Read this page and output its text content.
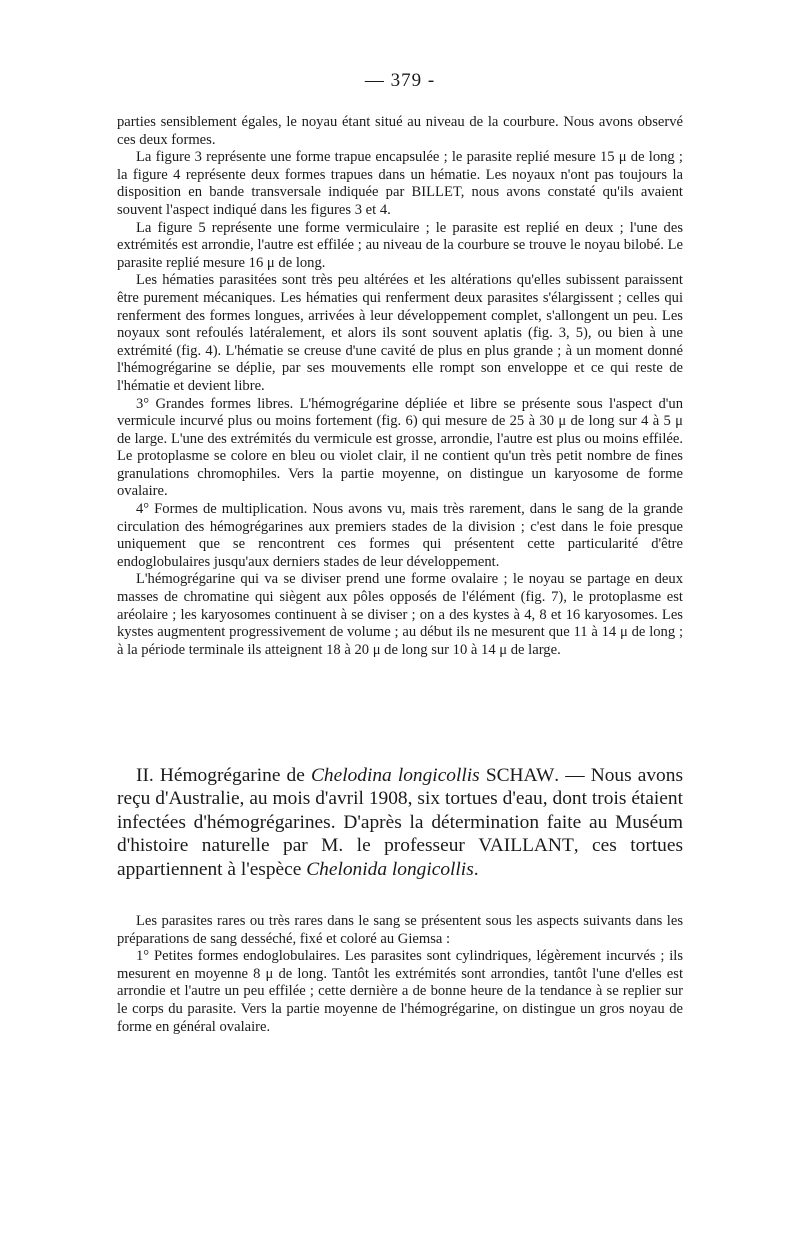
— 379 -

parties sensiblement égales, le noyau étant situé au niveau de la courbure. Nous avons observé ces deux formes.

La figure 3 représente une forme trapue encapsulée ; le parasite replié mesure 15 μ de long ; la figure 4 représente deux formes trapues dans un hématie. Les noyaux n'ont pas toujours la disposition en bande transversale indiquée par BILLET, nous avons constaté qu'ils avaient souvent l'aspect indiqué dans les figures 3 et 4.

La figure 5 représente une forme vermiculaire ; le parasite est replié en deux ; l'une des extrémités est arrondie, l'autre est effilée ; au niveau de la courbure se trouve le noyau bilobé. Le parasite replié mesure 16 μ de long.

Les hématies parasitées sont très peu altérées et les altérations qu'elles subissent paraissent être purement mécaniques. Les hématies qui renferment deux parasites s'élargissent ; celles qui renferment des formes longues, arrivées à leur développement complet, s'allongent un peu. Les noyaux sont refoulés latéralement, et alors ils sont souvent aplatis (fig. 3, 5), ou bien à une extrémité (fig. 4). L'hématie se creuse d'une cavité de plus en plus grande ; à un moment donné l'hémogrégarine se déplie, par ses mouvements elle rompt son enveloppe et ce qui reste de l'hématie et devient libre.

3° Grandes formes libres. L'hémogrégarine dépliée et libre se présente sous l'aspect d'un vermicule incurvé plus ou moins fortement (fig. 6) qui mesure de 25 à 30 μ de long sur 4 à 5 μ de large. L'une des extrémités du vermicule est grosse, arrondie, l'autre est plus ou moins effilée. Le protoplasme se colore en bleu ou violet clair, il ne contient qu'un très petit nombre de fines granulations chromophiles. Vers la partie moyenne, on distingue un karyosome de forme ovalaire.

4° Formes de multiplication. Nous avons vu, mais très rarement, dans le sang de la grande circulation des hémogrégarines aux premiers stades de la division ; c'est dans le foie presque uniquement que se rencontrent ces formes qui présentent cette particularité d'être endoglobulaires jusqu'aux derniers stades de leur développement.

L'hémogrégarine qui va se diviser prend une forme ovalaire ; le noyau se partage en deux masses de chromatine qui siègent aux pôles opposés de l'élément (fig. 7), le protoplasme est aréolaire ; les karyosomes continuent à se diviser ; on a des kystes à 4, 8 et 16 karyosomes. Les kystes augmentent progressivement de volume ; au début ils ne mesurent que 11 à 14 μ de long ; à la période terminale ils atteignent 18 à 20 μ de long sur 10 à 14 μ de large.

II. Hémogrégarine de Chelodina longicollis SCHAW. — Nous avons reçu d'Australie, au mois d'avril 1908, six tortues d'eau, dont trois étaient infectées d'hémogrégarines. D'après la détermination faite au Muséum d'histoire naturelle par M. le professeur VAILLANT, ces tortues appartiennent à l'espèce Chelonida longicollis.

Les parasites rares ou très rares dans le sang se présentent sous les aspects suivants dans les préparations de sang desséché, fixé et coloré au Giemsa :

1° Petites formes endoglobulaires. Les parasites sont cylindriques, légèrement incurvés ; ils mesurent en moyenne 8 μ de long. Tantôt les extrémités sont arrondies, tantôt l'une d'elles est arrondie et l'autre un peu effilée ; cette dernière a de bonne heure de la tendance à se replier sur le corps du parasite. Vers la partie moyenne de l'hémogrégarine, on distingue un gros noyau de forme en général ovalaire.
